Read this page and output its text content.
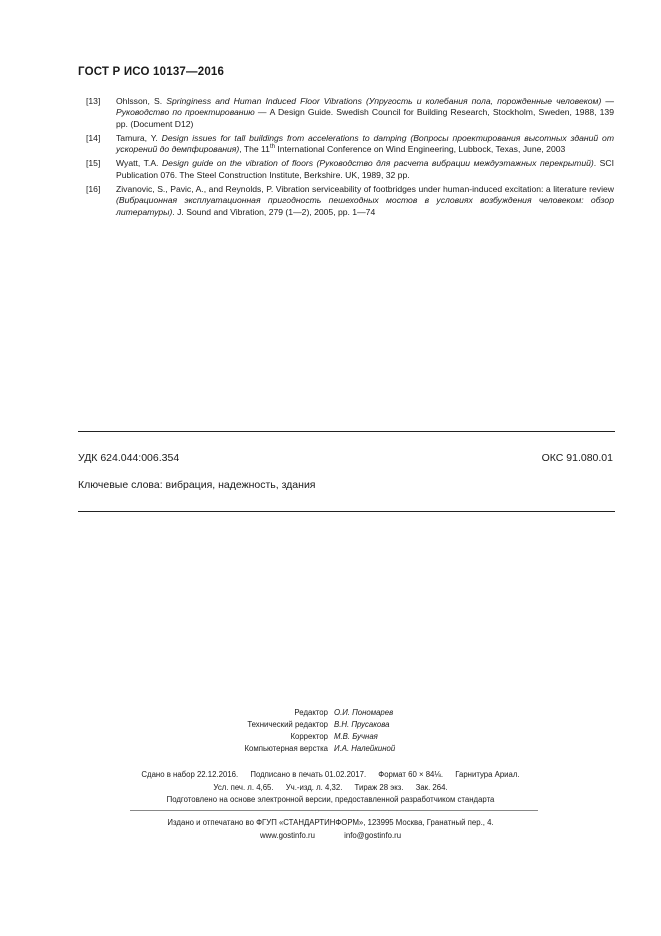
ГОСТ Р ИСО 10137—2016
[13]	Ohlsson, S. Springiness and Human Induced Floor Vibrations (Упругость и колебания пола, порожденные человеком) — Руководство по проектированию — A Design Guide. Swedish Council for Building Research, Stockholm, Sweden, 1988, 139 pp. (Document D12)
[14]	Tamura, Y. Design issues for tall buildings from accelerations to damping (Вопросы проектирования высотных зданий от ускорений до демпфирования), The 11th International Conference on Wind Engineering, Lubbock, Texas, June, 2003
[15]	Wyatt, T.A. Design guide on the vibration of floors (Руководство для расчета вибрации междуэтажных перекрытий). SCI Publication 076. The Steel Construction Institute, Berkshire. UK, 1989, 32 pp.
[16]	Zivanovic, S., Pavic, A., and Reynolds, P. Vibration serviceability of footbridges under human-induced excitation: a literature review (Вибрационная эксплуатационная пригодность пешеходных мостов в условиях возбуждения человеком: обзор литературы). J. Sound and Vibration, 279 (1—2), 2005, pp. 1—74
УДК 624.044:006.354	ОКС 91.080.01
Ключевые слова: вибрация, надежность, здания
Редактор О.И. Пономарев
Технический редактор В.Н. Прусакова
Корректор М.В. Бучная
Компьютерная верстка И.А. Налейкиной
Сдано в набор 22.12.2016. Подписано в печать 01.02.2017. Формат 60 × 84⅛. Гарнитура Ариал.
Усл. печ. л. 4,65. Уч.-изд. л. 4,32. Тираж 28 экз. Зак. 264.
Подготовлено на основе электронной версии, предоставленной разработчиком стандарта
Издано и отпечатано во ФГУП «СТАНДАРТИНФОРМ», 123995 Москва, Гранатный пер., 4.
www.gostinfo.ru	info@gostinfo.ru
